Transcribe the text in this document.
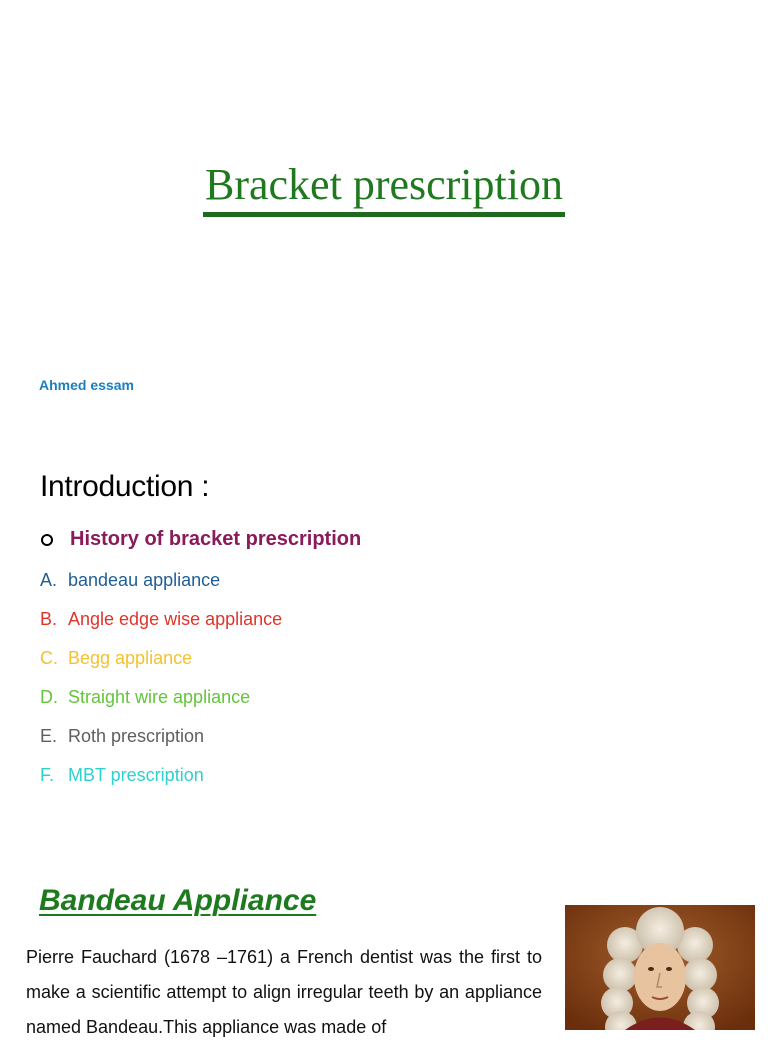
Bracket prescription
Ahmed essam
Introduction :
History of bracket prescription
A. bandeau appliance
B. Angle edge wise appliance
C. Begg appliance
D. Straight wire appliance
E. Roth prescription
F. MBT prescription
Bandeau Appliance

Pierre Fauchard (1678 –1761) a French dentist was the first to make a scientific attempt to align irregular teeth by an appliance named Bandeau.This appliance was made of
